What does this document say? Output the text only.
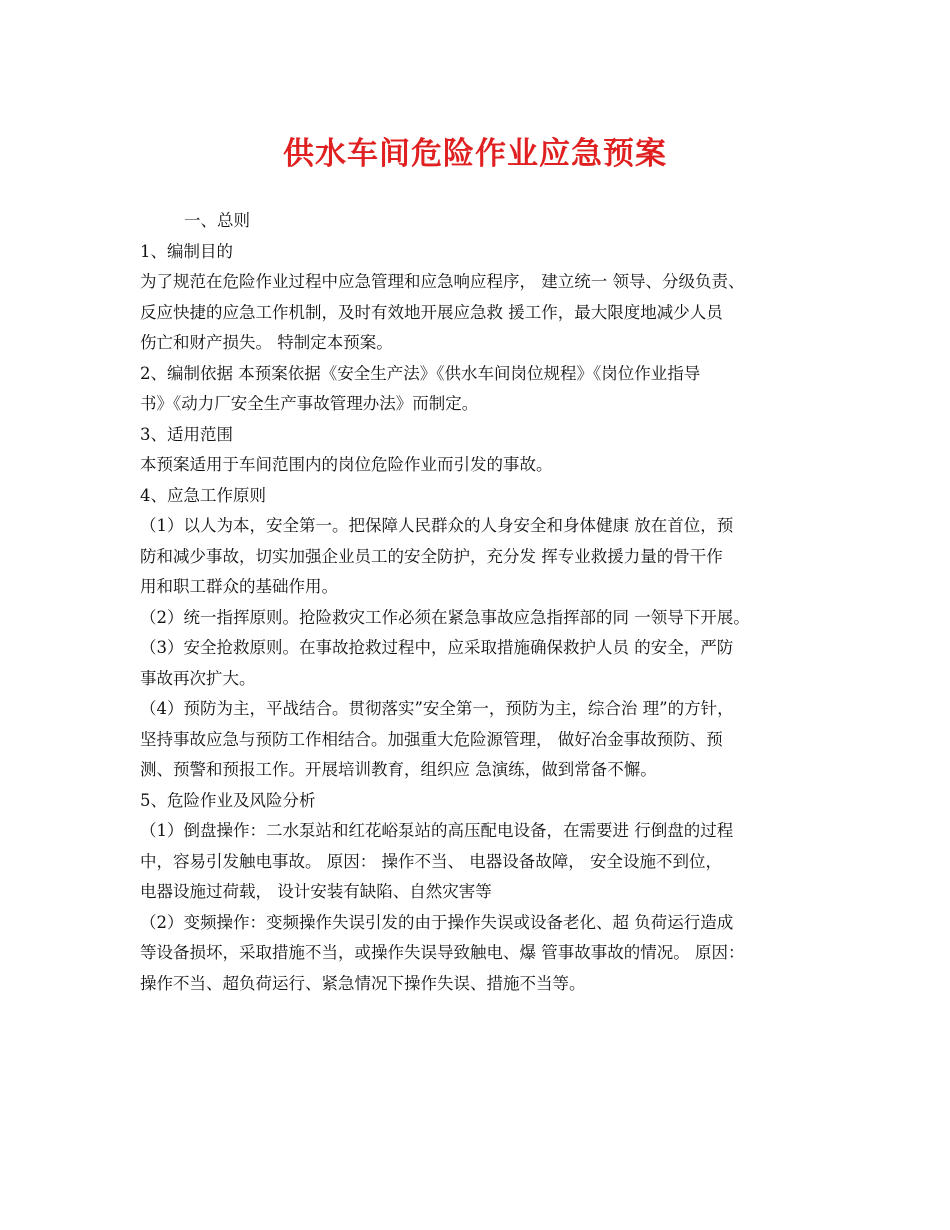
供水车间危险作业应急预案
一、总则
1、编制目的
为了规范在危险作业过程中应急管理和应急响应程序， 建立统一 领导、分级负责、
反应快捷的应急工作机制，及时有效地开展应急救 援工作，最大限度地减少人员
伤亡和财产损失。 特制定本预案。
2、编制依据 本预案依据《安全生产法》《供水车间岗位规程》《岗位作业指导
书》《动力厂安全生产事故管理办法》而制定。
3、适用范围
本预案适用于车间范围内的岗位危险作业而引发的事故。
4、应急工作原则
（1）以人为本，安全第一。把保障人民群众的人身安全和身体健康 放在首位，预
防和减少事故，切实加强企业员工的安全防护，充分发 挥专业救援力量的骨干作
用和职工群众的基础作用。
（2）统一指挥原则。抢险救灾工作必须在紧急事故应急指挥部的同 一领导下开展。
（3）安全抢救原则。在事故抢救过程中，应采取措施确保救护人员 的安全，严防
事故再次扩大。
（4）预防为主，平战结合。贯彻落实”安全第一，预防为主，综合治 理”的方针，
坚持事故应急与预防工作相结合。加强重大危险源管理， 做好冶金事故预防、预
测、预警和预报工作。开展培训教育，组织应 急演练，做到常备不懈。
5、危险作业及风险分析
（1）倒盘操作：二水泵站和红花峪泵站的高压配电设备，在需要进 行倒盘的过程
中，容易引发触电事故。 原因： 操作不当、 电器设备故障， 安全设施不到位，
电器设施过荷载， 设计安装有缺陷、自然灾害等
（2）变频操作：变频操作失误引发的由于操作失误或设备老化、超 负荷运行造成
等设备损坏，采取措施不当，或操作失误导致触电、爆 管事故事故的情况。 原因：
操作不当、超负荷运行、紧急情况下操作失误、措施不当等。
